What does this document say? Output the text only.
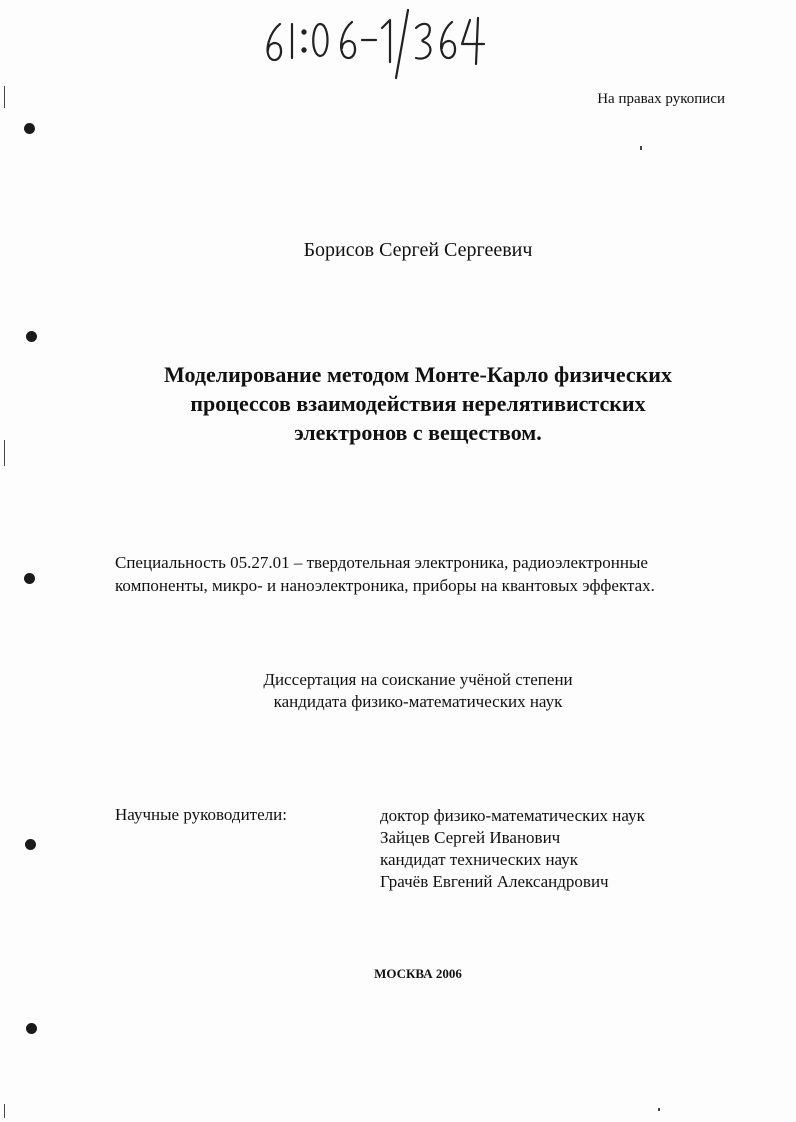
На правах рукописи
Борисов Сергей Сергеевич
Моделирование методом Монте-Карло физических
процессов взаимодействия нерелятивистских
электронов с веществом.
Специальность 05.27.01 – твердотельная электроника, радиоэлектронные
компоненты, микро- и наноэлектроника, приборы на квантовых эффектах.
Диссертация на соискание учёной степени
кандидата физико-математических наук
Научные руководители:	доктор физико-математических наук
Зайцев Сергей Иванович
кандидат технических наук
Грачёв Евгений Александрович
МОСКВА 2006
